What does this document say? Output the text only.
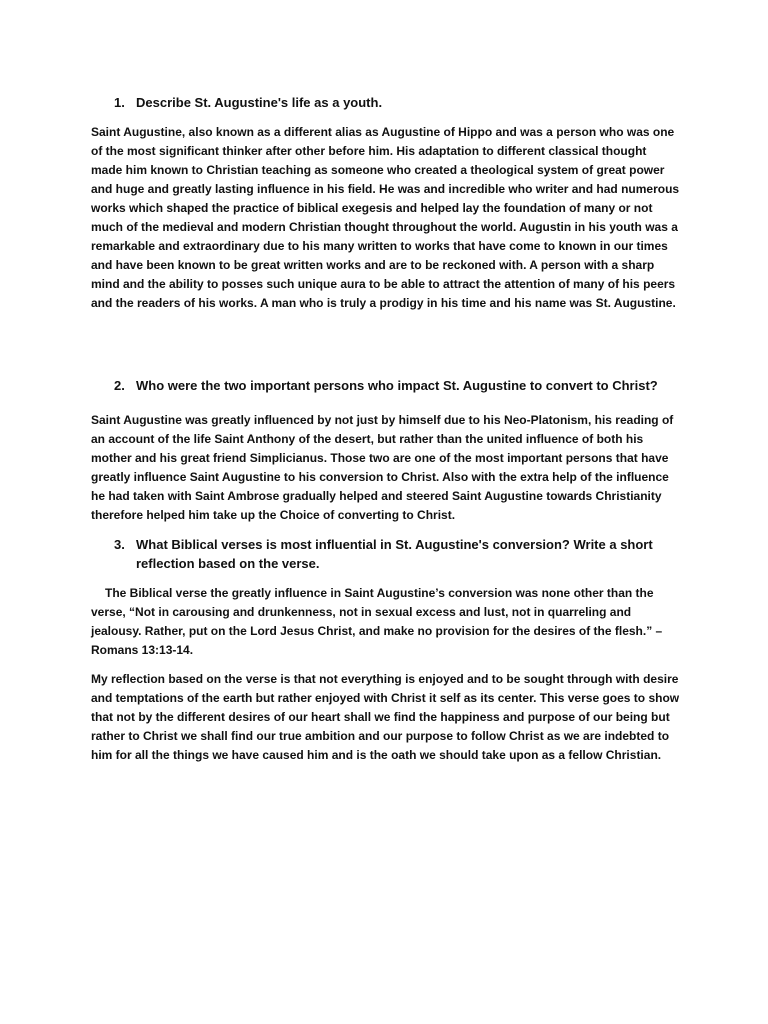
1. Describe St. Augustine's life as a youth.

Saint Augustine, also known as a different alias as Augustine of Hippo and was a person who was one of the most significant thinker after other before him. His adaptation to different classical thought made him known to Christian teaching as someone who created a theological system of great power and huge and greatly lasting influence in his field. He was and incredible who writer and had numerous works which shaped the practice of biblical exegesis and helped lay the foundation of many or not much of the medieval and modern Christian thought throughout the world. Augustin in his youth was a remarkable and extraordinary due to his many written to works that have come to known in our times and have been known to be great written works and are to be reckoned with. A person with a sharp mind and the ability to posses such unique aura to be able to attract the attention of many of his peers and the readers of his works. A man who is truly a prodigy in his time and his name was St. Augustine.

2. Who were the two important persons who impact St. Augustine to convert to Christ?

Saint Augustine was greatly influenced by not just by himself due to his Neo-Platonism, his reading of an account of the life Saint Anthony of the desert, but rather than the united influence of both his mother and his great friend Simplicianus. Those two are one of the most important persons that have greatly influence Saint Augustine to his conversion to Christ. Also with the extra help of the influence he had taken with Saint Ambrose gradually helped and steered Saint Augustine towards Christianity therefore helped him take up the Choice of converting to Christ.

3. What Biblical verses is most influential in St. Augustine's conversion? Write a short reflection based on the verse.

The Biblical verse the greatly influence in Saint Augustine’s conversion was none other than the verse, “Not in carousing and drunkenness, not in sexual excess and lust, not in quarreling and jealousy. Rather, put on the Lord Jesus Christ, and make no provision for the desires of the flesh.” – Romans 13:13-14.

My reflection based on the verse is that not everything is enjoyed and to be sought through with desire and temptations of the earth but rather enjoyed with Christ it self as its center. This verse goes to show that not by the different desires of our heart shall we find the happiness and purpose of our being but rather to Christ we shall find our true ambition and our purpose to follow Christ as we are indebted to him for all the things we have caused him and is the oath we should take upon as a fellow Christian.
